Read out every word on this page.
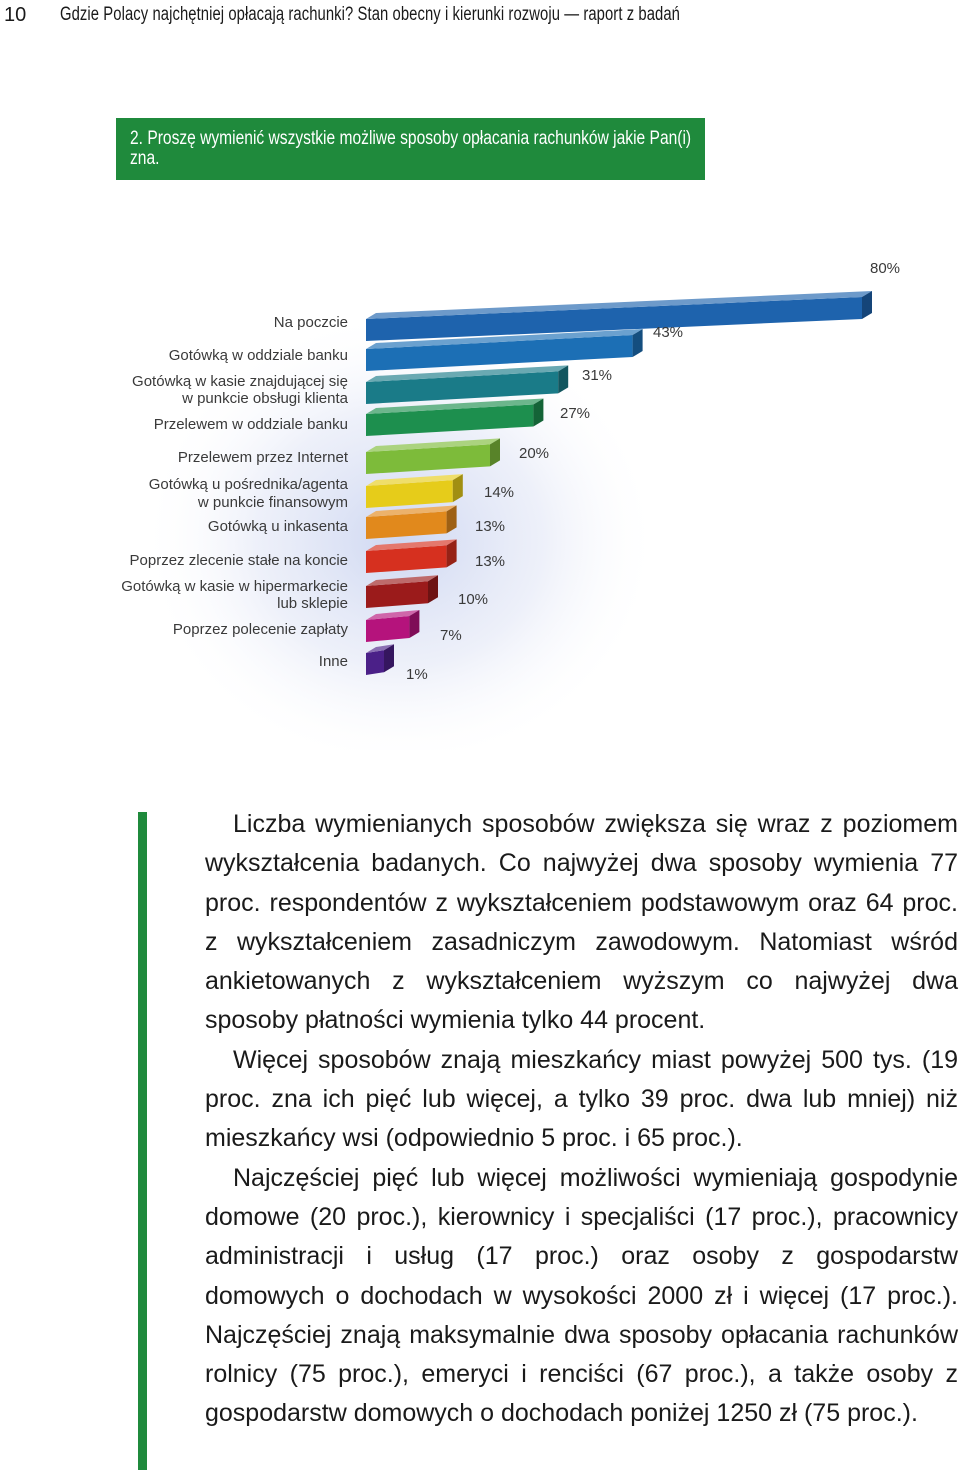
10 Gdzie Polacy najchętniej opłacają rachunki? Stan obecny i kierunki rozwoju — raport z badań
2. Proszę wymienić wszystkie możliwe sposoby opłacania rachunków jakie Pan(i) zna.
Na poczcie
Gotówką w oddziale banku
Gotówką w kasie znajdującej się
w punkcie obsługi klienta
Przelewem w oddziale banku
Przelewem przez Internet
Gotówką u pośrednika/agenta
w punkcie finansowym
Gotówką u inkasenta
Poprzez zlecenie stałe na koncie
Gotówką w kasie w hipermarkecie
lub sklepie
Poprzez polecenie zapłaty
Inne
80%
43%
31%
27%
20%
14%
13%
13%
10%
7%
1%

Liczba wymienianych sposobów zwiększa się wraz z poziomem wykształcenia badanych. Co najwyżej dwa sposoby wymienia 77 proc. respondentów z wykształceniem podstawowym oraz 64 proc. z wykształceniem zasadniczym zawodowym. Natomiast wśród ankietowanych z wykształceniem wyższym co najwyżej dwa sposoby płatności wymienia tylko 44 procent.

Więcej sposobów znają mieszkańcy miast powyżej 500 tys. (19 proc. zna ich pięć lub więcej, a tylko 39 proc. dwa lub mniej) niż mieszkańcy wsi (odpowiednio 5 proc. i 65 proc.).

Najczęściej pięć lub więcej możliwości wymieniają gospodynie domowe (20 proc.), kierownicy i specjaliści (17 proc.), pracownicy administracji i usług (17 proc.) oraz osoby z gospodarstw domowych o dochodach w wysokości 2000 zł i więcej (17 proc.). Najczęściej znają maksymalnie dwa sposoby opłacania rachunków rolnicy (75 proc.), emeryci i renciści (67 proc.), a także osoby z gospodarstw domowych o dochodach poniżej 1250 zł (75 proc.).
